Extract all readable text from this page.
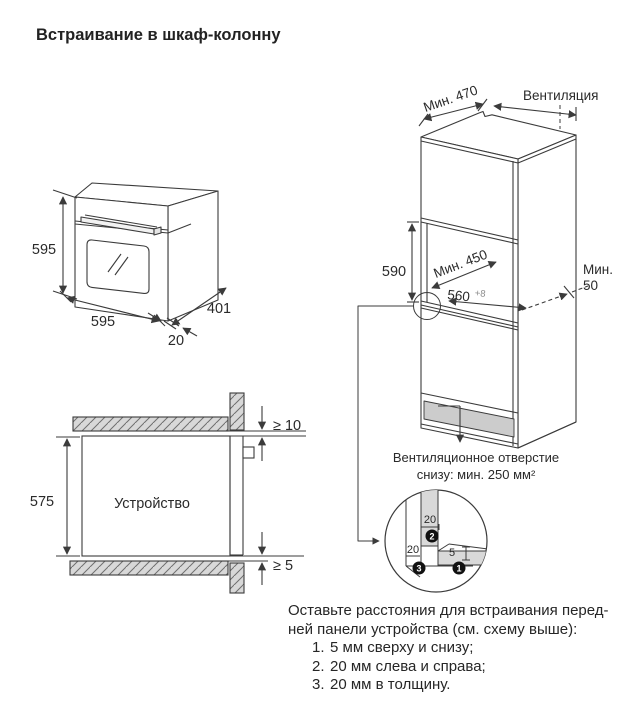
Встраивание в шкаф-колонну
595
595
401
20
Мин. 470	Вентиляция
590 Мин. 450
560 +8
Мин.
50
Вентиляционное отверстие
снизу: мин. 250 мм²
575	Устройство
≥ 10
≥ 5
20
20	5
2
3	1
Оставьте расстояния для встраивания перед-
ней панели устройства (см. схему выше):
1. 5 мм сверху и снизу;
2. 20 мм слева и справа;
3. 20 мм в толщину.
